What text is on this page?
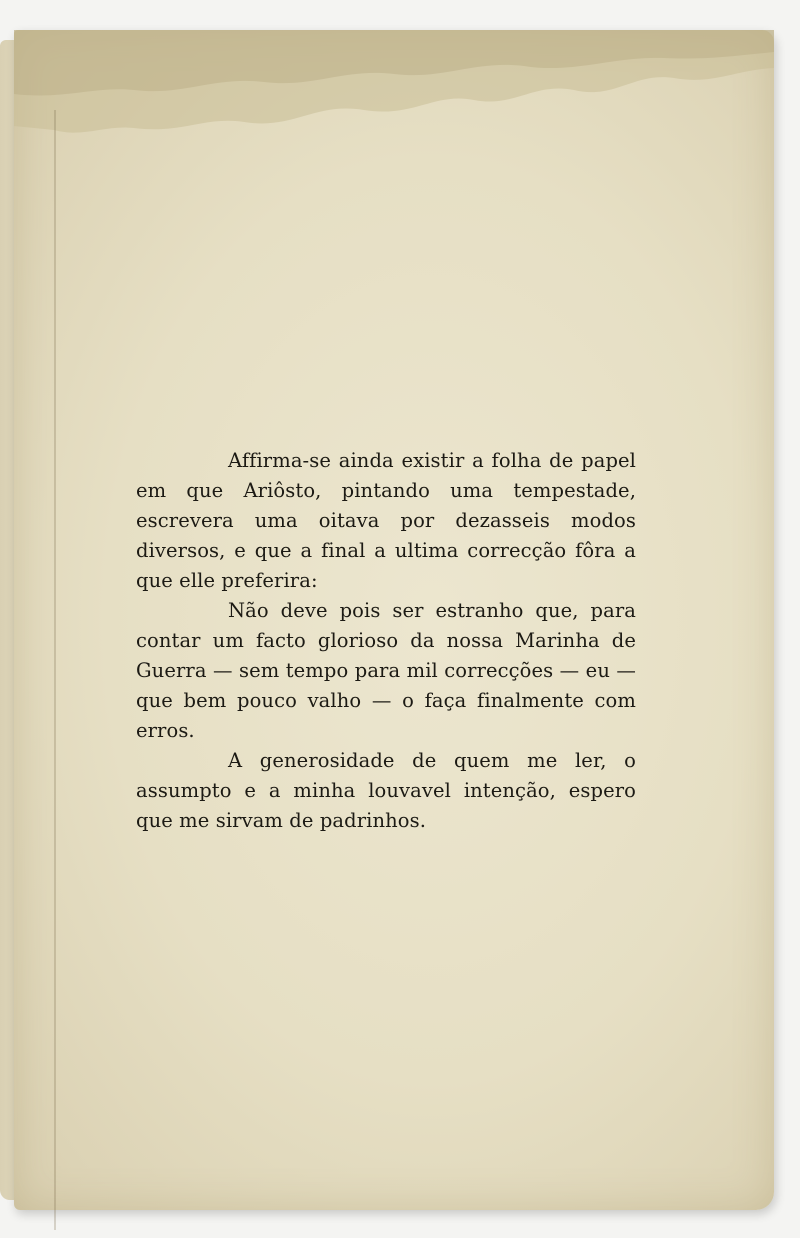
Affirma-se ainda existir a folha de papel em que Ariôsto, pintando uma tempestade, escrevera uma oitava por dezasseis modos diversos, e que a final a ultima correcção fôra a que elle preferira:

Não deve pois ser estranho que, para contar um facto glorioso da nossa Marinha de Guerra — sem tempo para mil correcções — eu — que bem pouco valho — o faça finalmente com erros.

A generosidade de quem me ler, o assumpto e a minha louvavel intenção, espero que me sirvam de padrinhos.
